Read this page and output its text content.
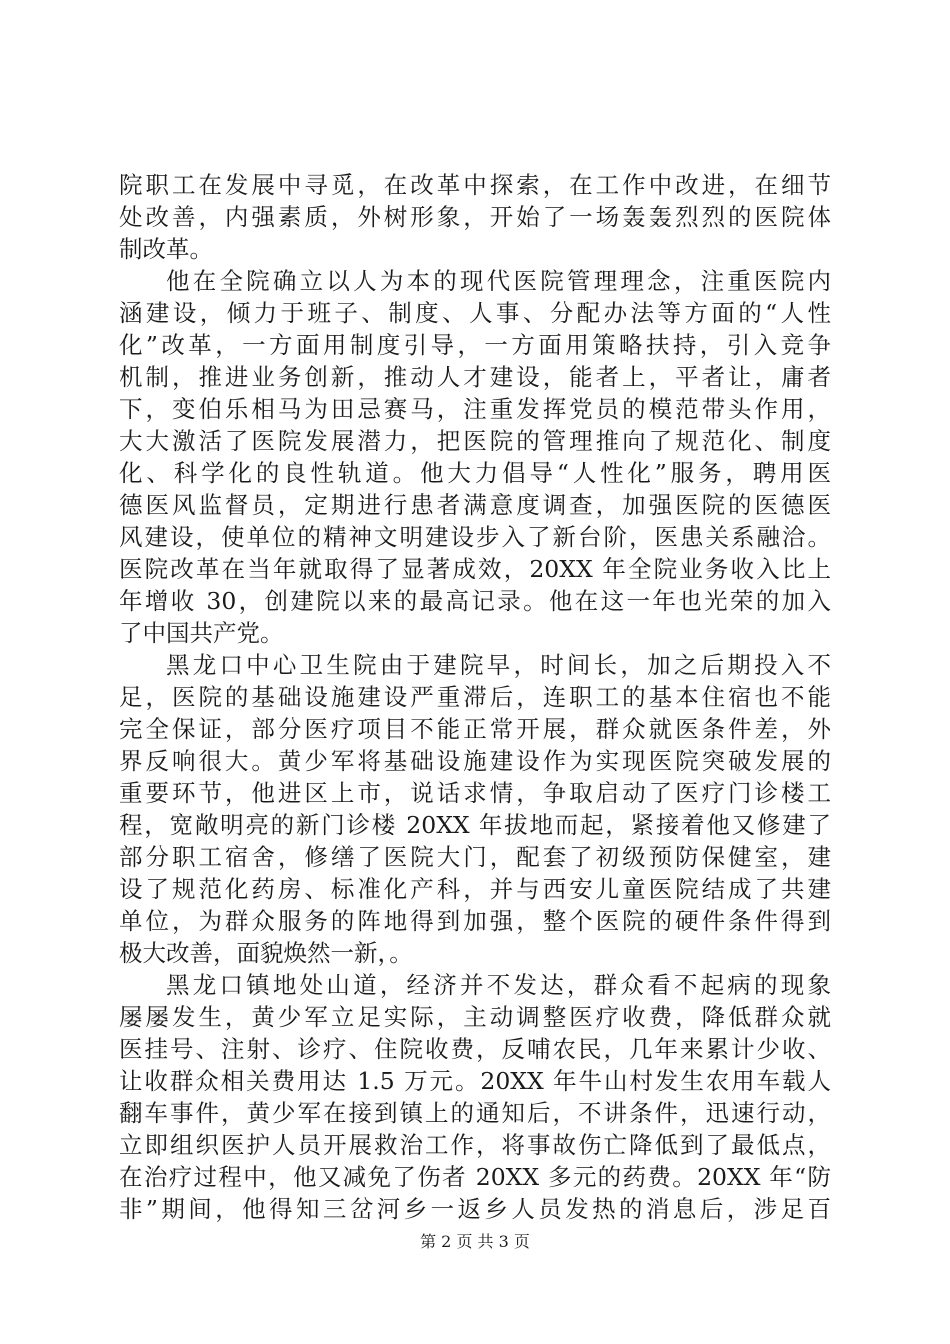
院职工在发展中寻觅，在改革中探索，在工作中改进，在细节
处改善，内强素质，外树形象，开始了一场轰轰烈烈的医院体
制改革。
他在全院确立以人为本的现代医院管理理念，注重医院内
涵建设，倾力于班子、制度、人事、分配办法等方面的“人性
化”改革，一方面用制度引导，一方面用策略扶持，引入竞争
机制，推进业务创新，推动人才建设，能者上，平者让，庸者
下，变伯乐相马为田忌赛马，注重发挥党员的模范带头作用，
大大激活了医院发展潜力，把医院的管理推向了规范化、制度
化、科学化的良性轨道。他大力倡导“人性化”服务，聘用医
德医风监督员，定期进行患者满意度调查，加强医院的医德医
风建设，使单位的精神文明建设步入了新台阶，医患关系融洽。
医院改革在当年就取得了显著成效，20XX 年全院业务收入比上
年增收 30，创建院以来的最高记录。他在这一年也光荣的加入
了中国共产党。
黑龙口中心卫生院由于建院早，时间长，加之后期投入不
足，医院的基础设施建设严重滞后，连职工的基本住宿也不能
完全保证，部分医疗项目不能正常开展，群众就医条件差，外
界反响很大。黄少军将基础设施建设作为实现医院突破发展的
重要环节，他进区上市，说话求情，争取启动了医疗门诊楼工
程，宽敞明亮的新门诊楼 20XX 年拔地而起，紧接着他又修建了
部分职工宿舍，修缮了医院大门，配套了初级预防保健室，建
设了规范化药房、标准化产科，并与西安儿童医院结成了共建
单位，为群众服务的阵地得到加强，整个医院的硬件条件得到
极大改善，面貌焕然一新，。
黑龙口镇地处山道，经济并不发达，群众看不起病的现象
屡屡发生，黄少军立足实际，主动调整医疗收费，降低群众就
医挂号、注射、诊疗、住院收费，反哺农民，几年来累计少收、
让收群众相关费用达 1.5 万元。20XX 年牛山村发生农用车载人
翻车事件，黄少军在接到镇上的通知后，不讲条件，迅速行动，
立即组织医护人员开展救治工作，将事故伤亡降低到了最低点，
在治疗过程中，他又减免了伤者 20XX 多元的药费。20XX 年“防
非”期间，他得知三岔河乡一返乡人员发热的消息后，涉足百
第 2 页 共 3 页
